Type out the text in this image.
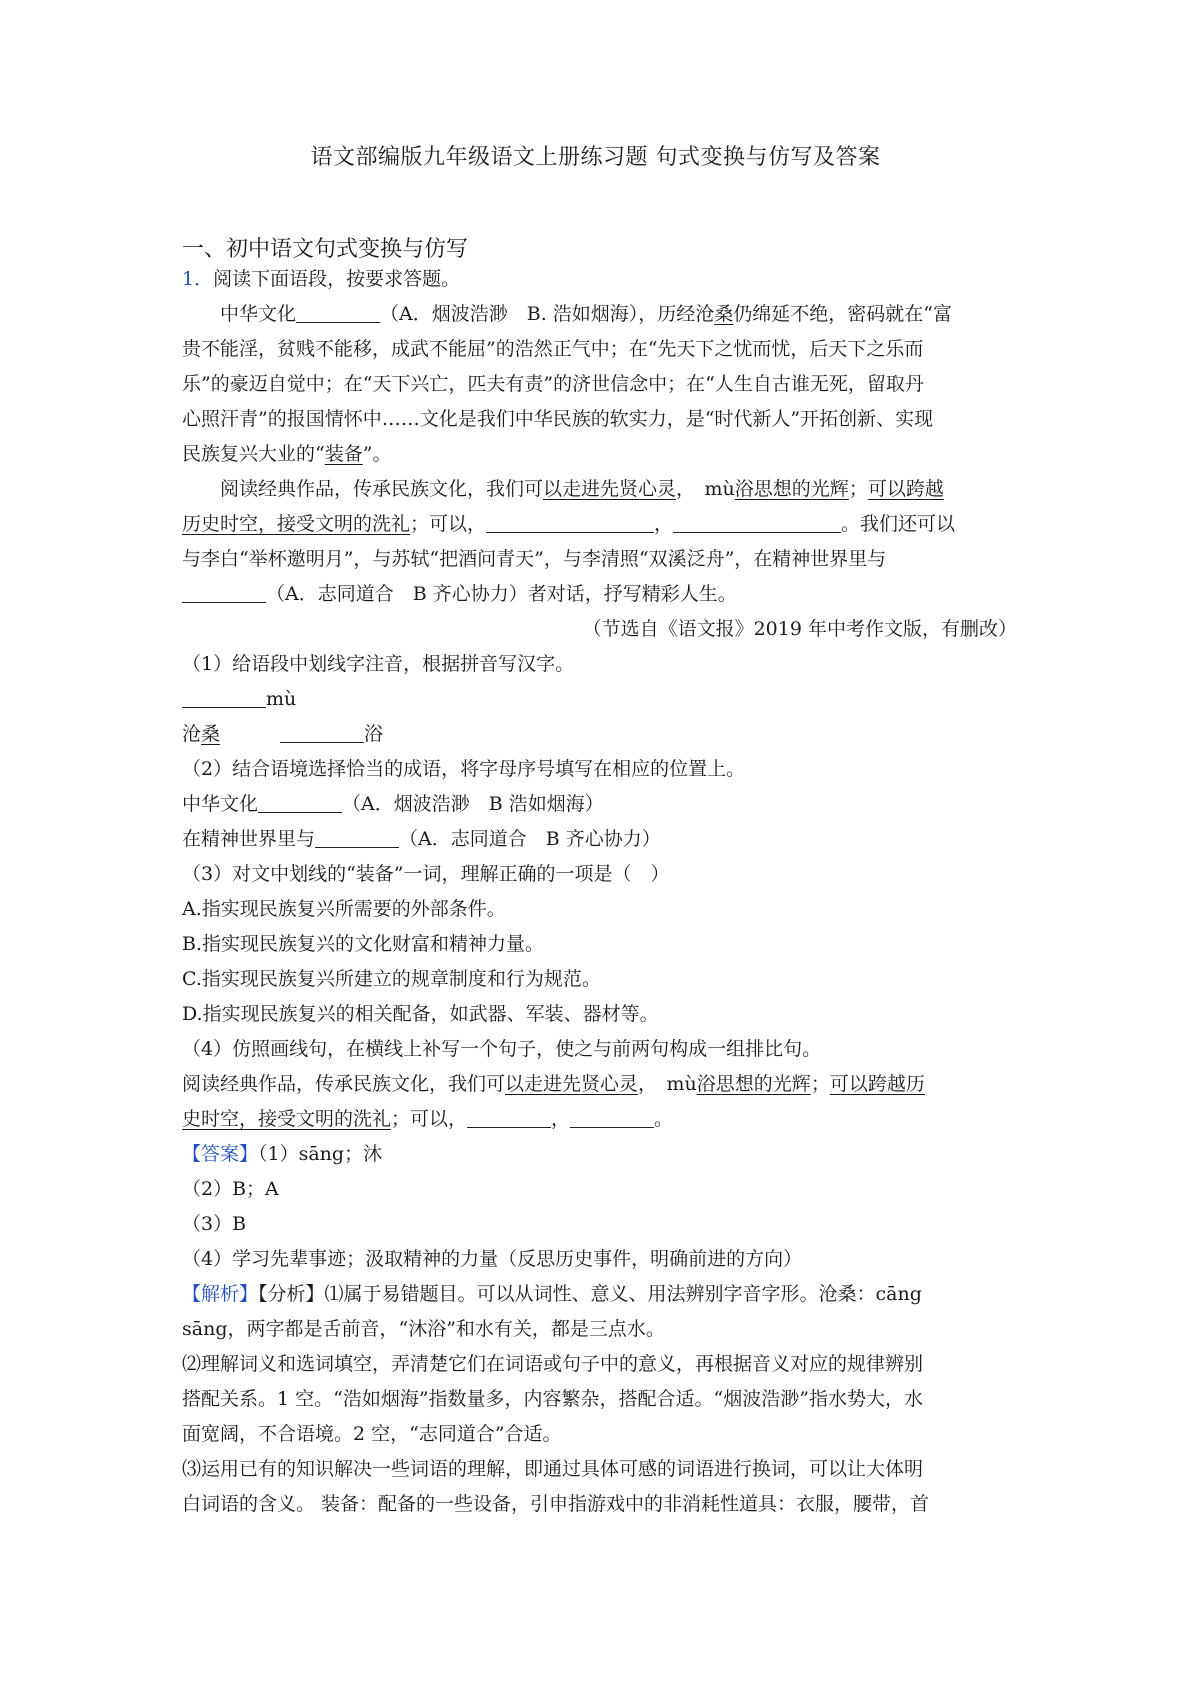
语文部编版九年级语文上册练习题 句式变换与仿写及答案
一、初中语文句式变换与仿写
1．阅读下面语段，按要求答题。
中华文化	（A．烟波浩渺　B. 浩如烟海），历经沧桑仍绵延不绝，密码就在“富
贵不能淫，贫贱不能移，成武不能屈”的浩然正气中；在“先天下之忧而忧，后天下之乐而
乐”的豪迈自觉中；在“天下兴亡，匹夫有责”的济世信念中；在“人生自古谁无死，留取丹
心照汗青”的报国情怀中……文化是我们中华民族的软实力，是“时代新人”开拓创新、实现
民族复兴大业的“装备”。
阅读经典作品，传承民族文化，我们可以走进先贤心灵，　mù浴思想的光辉；可以跨越
历史时空，接受文明的洗礼；可以，	，	。我们还可以
与李白“举杯邀明月”，与苏轼“把酒问青天”，与李清照“双溪泛舟”，在精神世界里与
（A．志同道合　B 齐心协力）者对话，抒写精彩人生。
（节选自《语文报》2019 年中考作文版，有删改）
（1）给语段中划线字注音，根据拼音写汉字。
mù
沧桑	浴
（2）结合语境选择恰当的成语，将字母序号填写在相应的位置上。
中华文化	（A．烟波浩渺　B 浩如烟海）
在精神世界里与	（A．志同道合　B 齐心协力）
（3）对文中划线的“装备”一词，理解正确的一项是（　）
A.指实现民族复兴所需要的外部条件。
B.指实现民族复兴的文化财富和精神力量。
C.指实现民族复兴所建立的规章制度和行为规范。
D.指实现民族复兴的相关配备，如武器、军装、器材等。
（4）仿照画线句，在横线上补写一个句子，使之与前两句构成一组排比句。
阅读经典作品，传承民族文化，我们可以走进先贤心灵，　mù浴思想的光辉；可以跨越历
史时空，接受文明的洗礼；可以，	，	。
【答案】（1）sāng；沐
（2）B；A
（3）B
（4）学习先辈事迹；汲取精神的力量（反思历史事件，明确前进的方向）
【解析】【分析】⑴属于易错题目。可以从词性、意义、用法辨别字音字形。沧桑：cāng
sāng，两字都是舌前音，“沐浴”和水有关，都是三点水。
⑵理解词义和选词填空，弄清楚它们在词语或句子中的意义，再根据音义对应的规律辨别
搭配关系。1 空。“浩如烟海”指数量多，内容繁杂，搭配合适。“烟波浩渺”指水势大，水
面宽阔，不合语境。2 空，“志同道合”合适。
⑶运用已有的知识解决一些词语的理解，即通过具体可感的词语进行换词，可以让大体明
白词语的含义。 装备：配备的一些设备，引申指游戏中的非消耗性道具：衣服，腰带，首
